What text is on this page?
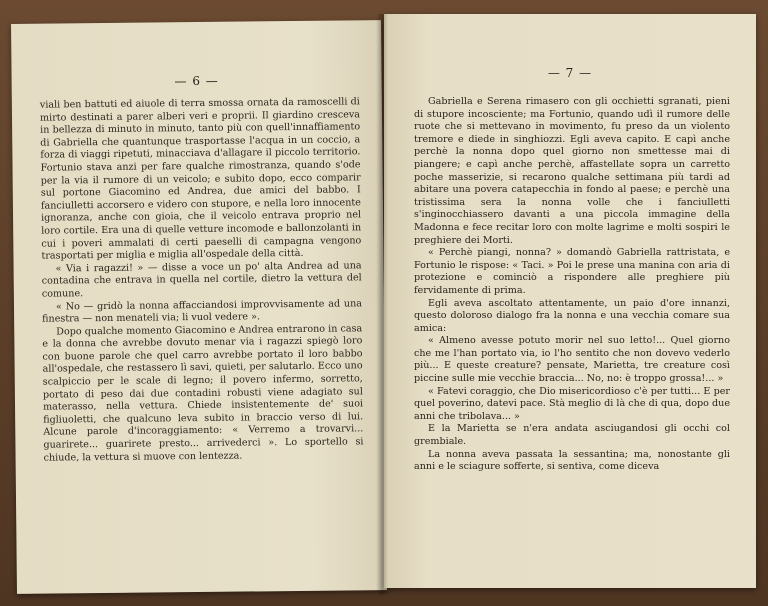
— 6 —

viali ben battuti ed aiuole di terra smossa ornata da ramoscelli di mirto destinati a parer alberi veri e proprii. Il giardino cresceva in bellezza di minuto in minuto, tanto più con quell'innaffiamento di Gabriella che quantunque trasportasse l'acqua in un coccio, a forza di viaggi ripetuti, minacciava d'allagare il piccolo territorio. Fortunio stava anzi per fare qualche rimostranza, quando s'ode per la via il rumore di un veicolo; e subito dopo, ecco comparir sul portone Giacomino ed Andrea, due amici del babbo. I fanciulletti accorsero e videro con stupore, e nella loro innocente ignoranza, anche con gioia, che il veicolo entrava proprio nel loro cortile. Era una di quelle vetture incomode e ballonzolanti in cui i poveri ammalati di certi paeselli di campagna vengono trasportati per miglia e miglia all'ospedale della città.

« Via i ragazzi! » — disse a voce un po' alta Andrea ad una contadina che entrava in quella nel cortile, dietro la vettura del comune.

« No — gridò la nonna affacciandosi improvvisamente ad una finestra — non menateli via; li vuol vedere ».

Dopo qualche momento Giacomino e Andrea entrarono in casa e la donna che avrebbe dovuto menar via i ragazzi spiegò loro con buone parole che quel carro avrebbe portato il loro babbo all'ospedale, che restassero lì savi, quieti, per salutarlo. Ecco uno scalpiccio per le scale di legno; il povero infermo, sorretto, portato di peso dai due contadini robusti viene adagiato sul materasso, nella vettura. Chiede insistentemente de' suoi figliuoletti, che qualcuno leva subito in braccio verso di lui. Alcune parole d'incoraggiamento: « Verremo a trovarvi... guarirete... guarirete presto... arrivederci ». Lo sportello si chiude, la vettura si muove con lentezza.

— 7 —

Gabriella e Serena rimasero con gli occhietti sgranati, pieni di stupore incosciente; ma Fortunio, quando udì il rumore delle ruote che si mettevano in movimento, fu preso da un violento tremore e diede in singhiozzi. Egli aveva capito. E capì anche perchè la nonna dopo quel giorno non smettesse mai di piangere; e capì anche perchè, affastellate sopra un carretto poche masserizie, si recarono qualche settimana più tardi ad abitare una povera catapecchia in fondo al paese; e perchè una tristissima sera la nonna volle che i fanciulletti s'inginocchiassero davanti a una piccola immagine della Madonna e fece recitar loro con molte lagrime e molti sospiri le preghiere dei Morti.

« Perchè piangi, nonna? » domandò Gabriella rattristata, e Fortunio le rispose: « Taci. » Poi le prese una manina con aria di protezione e cominciò a rispondere alle preghiere più fervidamente di prima.

Egli aveva ascoltato attentamente, un paio d'ore innanzi, questo doloroso dialogo fra la nonna e una vecchia comare sua amica:

« Almeno avesse potuto morir nel suo letto!... Quel giorno che me l'han portato via, io l'ho sentito che non dovevo vederlo più... E queste creature? pensate, Marietta, tre creature così piccine sulle mie vecchie braccia... No, no: è troppo grossa!... »

« Fatevi coraggio, che Dio misericordioso c'è per tutti... E per quel poverino, datevi pace. Stà meglio di là che di qua, dopo due anni che tribolava... »

E la Marietta se n'era andata asciugandosi gli occhi col grembiale.

La nonna aveva passata la sessantina; ma, nonostante gli anni e le sciagure sofferte, si sentiva, come diceva
